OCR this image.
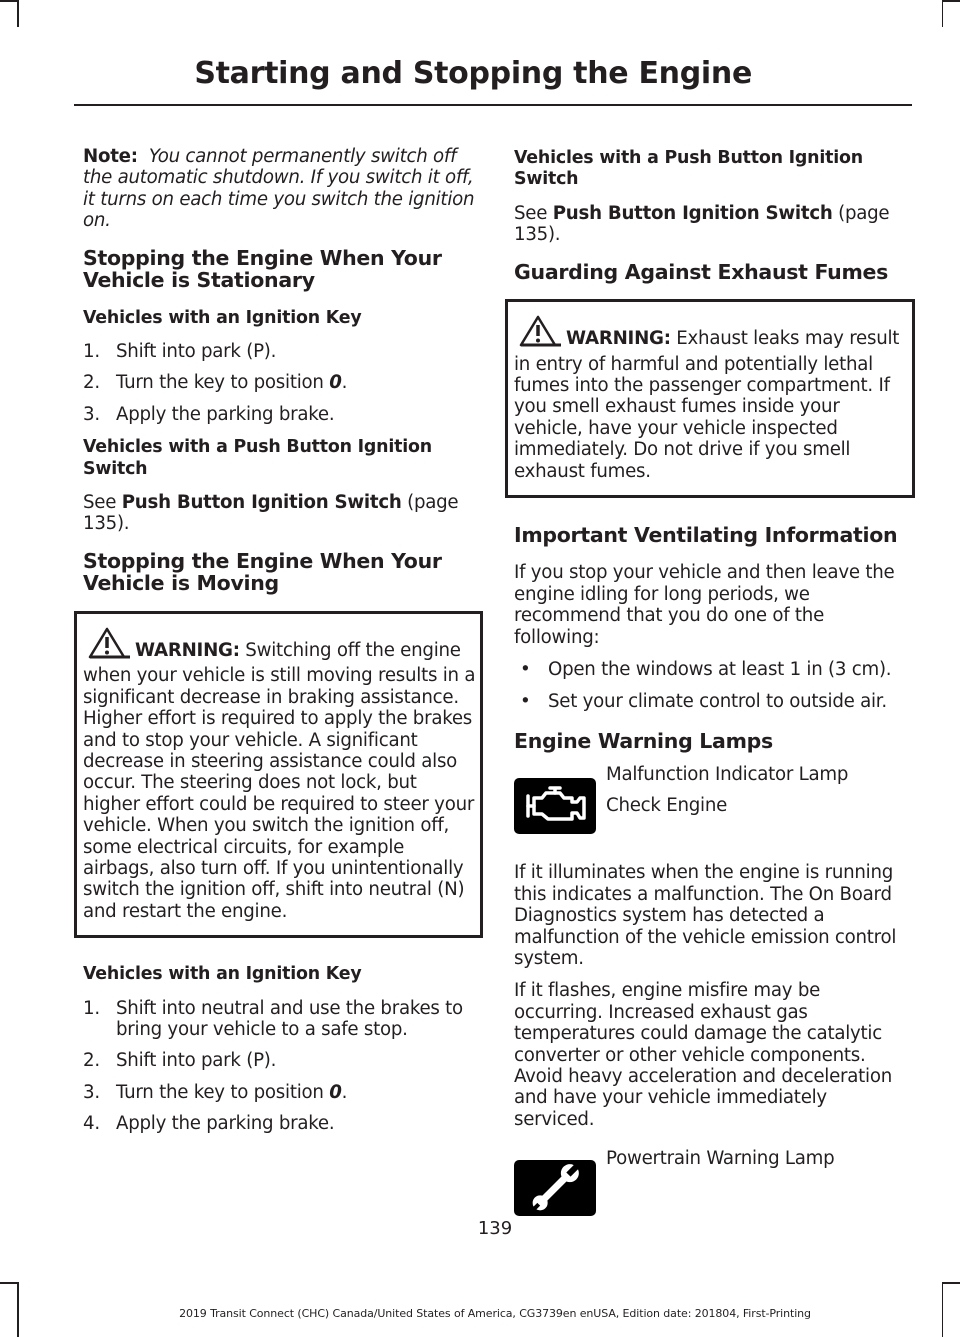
Starting and Stopping the Engine

Note: You cannot permanently switch off the automatic shutdown. If you switch it off, it turns on each time you switch the ignition on.

Stopping the Engine When Your Vehicle is Stationary
Vehicles with an Ignition Key
1. Shift into park (P).
2. Turn the key to position 0.
3. Apply the parking brake.
Vehicles with a Push Button Ignition Switch

See Push Button Ignition Switch (page 135).

Stopping the Engine When Your Vehicle is Moving
WARNING: Switching off the engine when your vehicle is still moving results in a significant decrease in braking assistance. Higher effort is required to apply the brakes and to stop your vehicle. A significant decrease in steering assistance could also occur. The steering does not lock, but higher effort could be required to steer your vehicle. When you switch the ignition off, some electrical circuits, for example airbags, also turn off. If you unintentionally switch the ignition off, shift into neutral (N) and restart the engine.
Vehicles with an Ignition Key
1. Shift into neutral and use the brakes to bring your vehicle to a safe stop.
2. Shift into park (P).
3. Turn the key to position 0.
4. Apply the parking brake.
Vehicles with a Push Button Ignition Switch

See Push Button Ignition Switch (page 135).

Guarding Against Exhaust Fumes
WARNING: Exhaust leaks may result in entry of harmful and potentially lethal fumes into the passenger compartment. If you smell exhaust fumes inside your vehicle, have your vehicle inspected immediately. Do not drive if you smell exhaust fumes.
Important Ventilating Information

If you stop your vehicle and then leave the engine idling for long periods, we recommend that you do one of the following:

• Open the windows at least 1 in (3 cm).
• Set your climate control to outside air.
Engine Warning Lamps

Malfunction Indicator Lamp

Check Engine

If it illuminates when the engine is running this indicates a malfunction. The On Board Diagnostics system has detected a malfunction of the vehicle emission control system.

If it flashes, engine misfire may be occurring. Increased exhaust gas temperatures could damage the catalytic converter or other vehicle components. Avoid heavy acceleration and deceleration and have your vehicle immediately serviced.

Powertrain Warning Lamp

139
2019 Transit Connect (CHC) Canada/United States of America, CG3739en enUSA, Edition date: 201804, First-Printing
